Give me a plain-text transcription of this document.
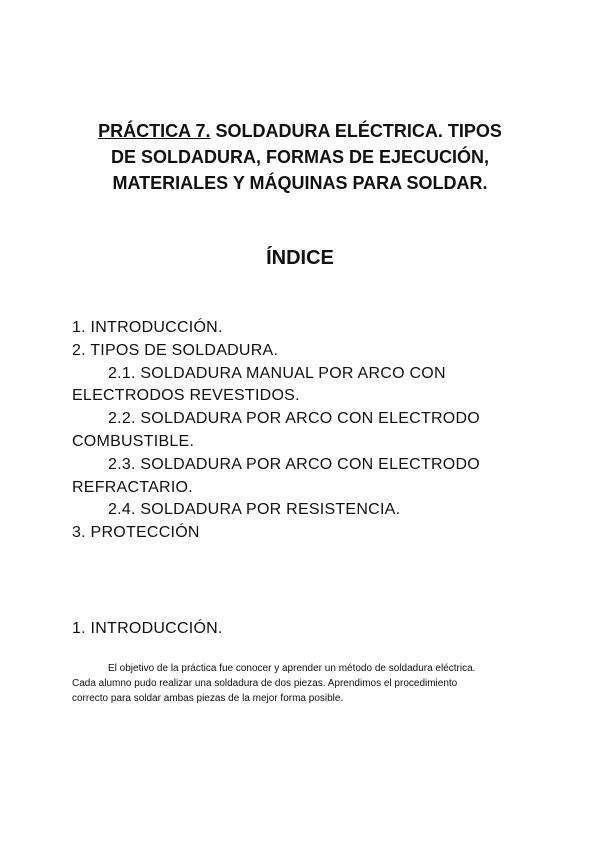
PRÁCTICA 7. SOLDADURA ELÉCTRICA. TIPOS
DE SOLDADURA, FORMAS DE EJECUCIÓN,
MATERIALES Y MÁQUINAS PARA SOLDAR.
ÍNDICE
1. INTRODUCCIÓN.
2. TIPOS DE SOLDADURA.
2.1. SOLDADURA MANUAL POR ARCO CON
ELECTRODOS REVESTIDOS.
2.2. SOLDADURA POR ARCO CON ELECTRODO
COMBUSTIBLE.
2.3. SOLDADURA POR ARCO CON ELECTRODO
REFRACTARIO.
2.4. SOLDADURA POR RESISTENCIA.
3. PROTECCIÓN
1. INTRODUCCIÓN.
El objetivo de la práctica fue conocer y aprender un método de soldadura eléctrica.
Cada alumno pudo realizar una soldadura de dos piezas. Aprendimos el procedimiento
correcto para soldar ambas piezas de la mejor forma posible.
